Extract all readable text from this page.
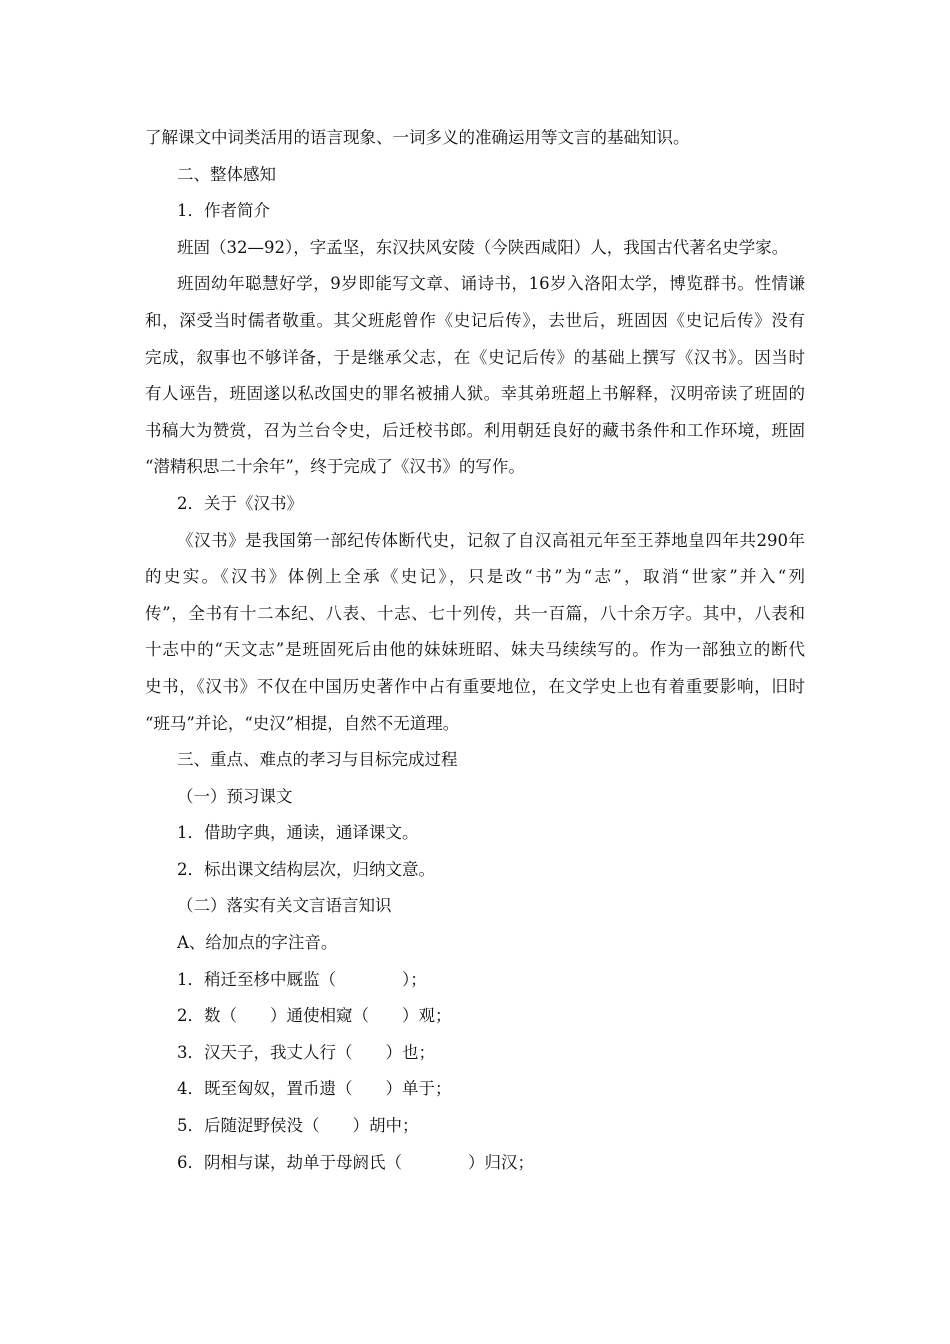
了解课文中词类活用的语言现象、一词多义的准确运用等文言的基础知识。
二、整体感知
1．作者简介
班固（32—92），字孟坚，东汉扶风安陵（今陕西咸阳）人，我国古代著名史学家。
班固幼年聪慧好学，9岁即能写文章、诵诗书，16岁入洛阳太学，博览群书。性情谦
和，深受当时儒者敬重。其父班彪曾作《史记后传》，去世后，班固因《史记后传》没有
完成，叙事也不够详备，于是继承父志，在《史记后传》的基础上撰写《汉书》。因当时
有人诬告，班固遂以私改国史的罪名被捕人狱。幸其弟班超上书解释，汉明帝读了班固的
书稿大为赞赏，召为兰台令史，后迁校书郎。利用朝廷良好的藏书条件和工作环境，班固
“潜精积思二十余年”，终于完成了《汉书》的写作。
2．关于《汉书》
《汉书》是我国第一部纪传体断代史，记叙了自汉高祖元年至王莽地皇四年共290年
的史实。《汉书》体例上全承《史记》，只是改“书”为“志”，取消“世家”并入“列
传”，全书有十二本纪、八表、十志、七十列传，共一百篇，八十余万字。其中，八表和
十志中的“天文志”是班固死后由他的妹妹班昭、妹夫马续续写的。作为一部独立的断代
史书，《汉书》不仅在中国历史著作中占有重要地位，在文学史上也有着重要影响，旧时
“班马”并论，“史汉”相提，自然不无道理。
三、重点、难点的孝习与目标完成过程
（一）预习课文
1．借助字典，通读，通译课文。
2．标出课文结构层次，归纳文意。
（二）落实有关文言语言知识
A、给加点的字注音。
1．稍迁至栘中厩监（　　　　）；
2．数（　　）通使相窥（　　）观；
3．汉天子，我丈人行（　　）也；
4．既至匈奴，置币遗（　　）单于；
5．后随浞野侯没（　　）胡中；
6．阴相与谋，劫单于母阏氏（　　　　）归汉；
